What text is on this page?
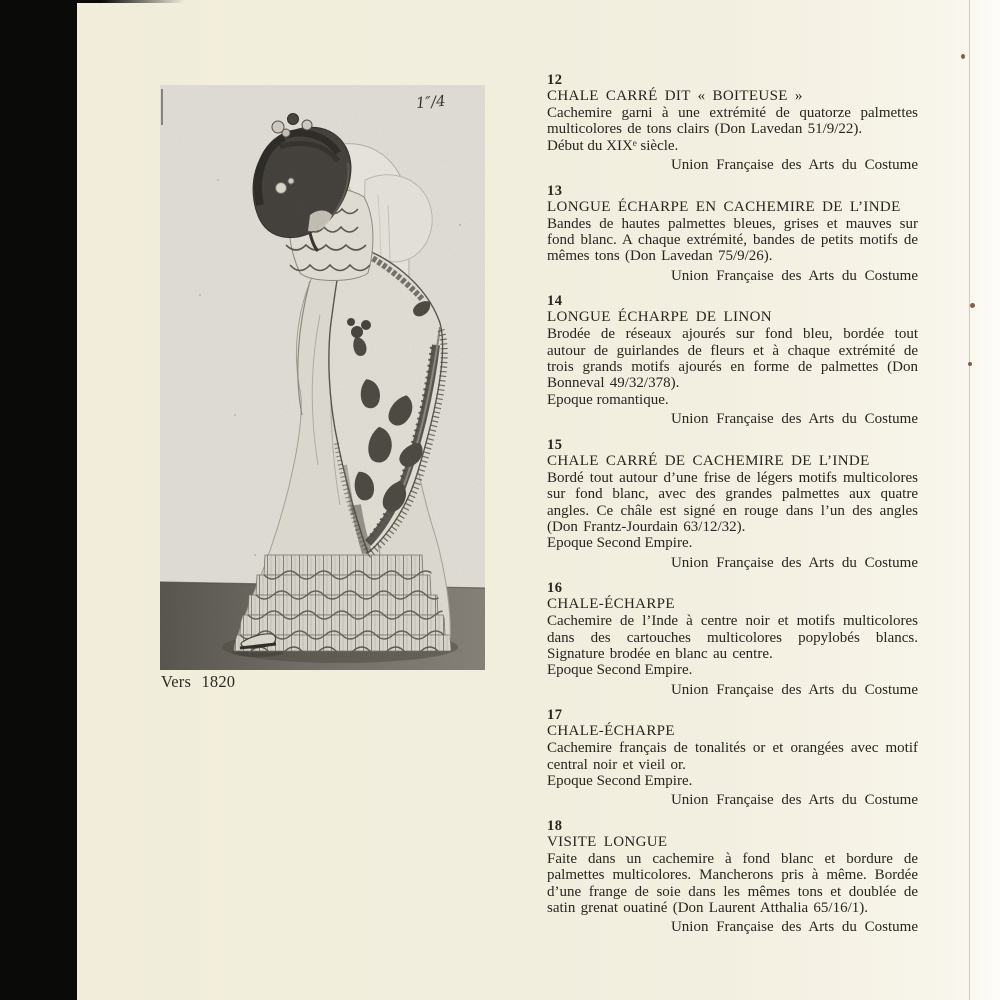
1″/4
Vers 1820
12
CHALE CARRÉ DIT « BOITEUSE »

Cachemire garni à une extrémité de quatorze palmettes multicolores de tons clairs (Don Lavedan 51/9/22).

Début du XIXᵉ siècle.

Union Française des Arts du Costume

13
LONGUE ÉCHARPE EN CACHEMIRE DE L’INDE

Bandes de hautes palmettes bleues, grises et mauves sur fond blanc. A chaque extrémité, bandes de petits motifs de mêmes tons (Don Lavedan 75/9/26).

Union Française des Arts du Costume

14
LONGUE ÉCHARPE DE LINON

Brodée de réseaux ajourés sur fond bleu, bordée tout autour de guirlandes de fleurs et à chaque extrémité de trois grands motifs ajourés en forme de palmettes (Don Bonneval 49/32/378).

Epoque romantique.

Union Française des Arts du Costume

15
CHALE CARRÉ DE CACHEMIRE DE L’INDE

Bordé tout autour d’une frise de légers motifs multicolores sur fond blanc, avec des grandes palmettes aux quatre angles. Ce châle est signé en rouge dans l’un des angles (Don Frantz-Jourdain 63/12/32).

Epoque Second Empire.

Union Française des Arts du Costume

16
CHALE-ÉCHARPE

Cachemire de l’Inde à centre noir et motifs multicolores dans des cartouches multicolores popylobés blancs. Signature brodée en blanc au centre.

Epoque Second Empire.

Union Française des Arts du Costume

17
CHALE-ÉCHARPE

Cachemire français de tonalités or et orangées avec motif central noir et vieil or.

Epoque Second Empire.

Union Française des Arts du Costume

18
VISITE LONGUE

Faite dans un cachemire à fond blanc et bordure de palmettes multicolores. Mancherons pris à même. Bordée d’une frange de soie dans les mêmes tons et doublée de satin grenat ouatiné (Don Laurent Atthalia 65/16/1).

Union Française des Arts du Costume
